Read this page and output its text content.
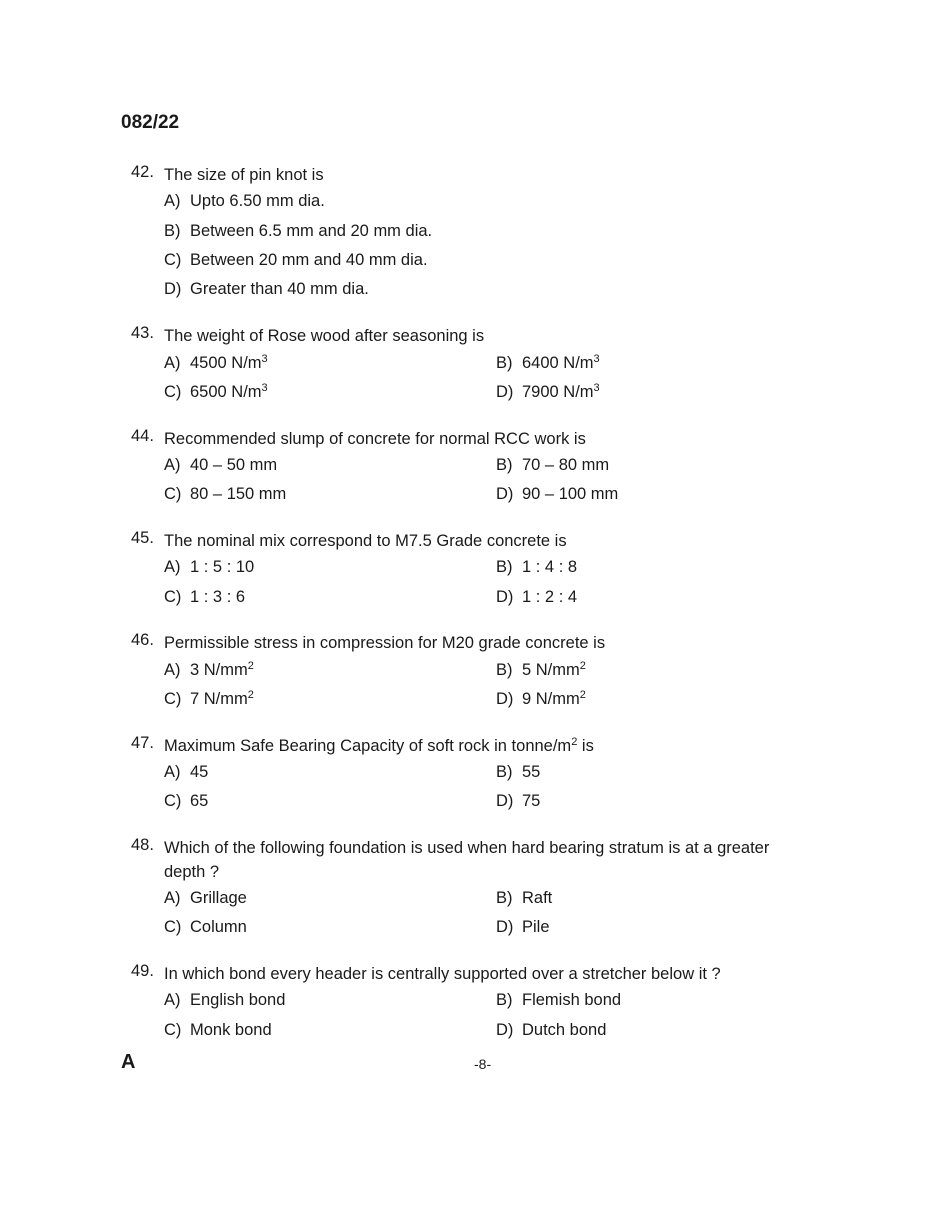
082/22
42. The size of pin knot is
A) Upto 6.50 mm dia.
B) Between 6.5 mm and 20 mm dia.
C) Between 20 mm and 40 mm dia.
D) Greater than 40 mm dia.
43. The weight of Rose wood after seasoning is
A) 4500 $N/m^3$	B) 6400 $N/m^3$
C) 6500 $N/m^3$	D) 7900 $N/m^3$
44. Recommended slump of concrete for normal RCC work is
A) 40 – 50 mm	B) 70 – 80 mm
C) 80 – 150 mm	D) 90 – 100 mm
45. The nominal mix correspond to M7.5 Grade concrete is
A) 1 : 5 : 10	B) 1 : 4 : 8
C) 1 : 3 : 6	D) 1 : 2 : 4
46. Permissible stress in compression for M20 grade concrete is
A) 3 $N/mm^2$	B) 5 $N/mm^2$
C) 7 $N/mm^2$	D) 9 $N/mm^2$
47. Maximum Safe Bearing Capacity of soft rock in tonne/$m^2$ is
A) 45	B) 55
C) 65	D) 75
48. Which of the following foundation is used when hard bearing stratum is at a greater depth ?
A) Grillage	B) Raft
C) Column	D) Pile
49. In which bond every header is centrally supported over a stretcher below it ?
A) English bond	B) Flemish bond
C) Monk bond	D) Dutch bond
A	-8-
